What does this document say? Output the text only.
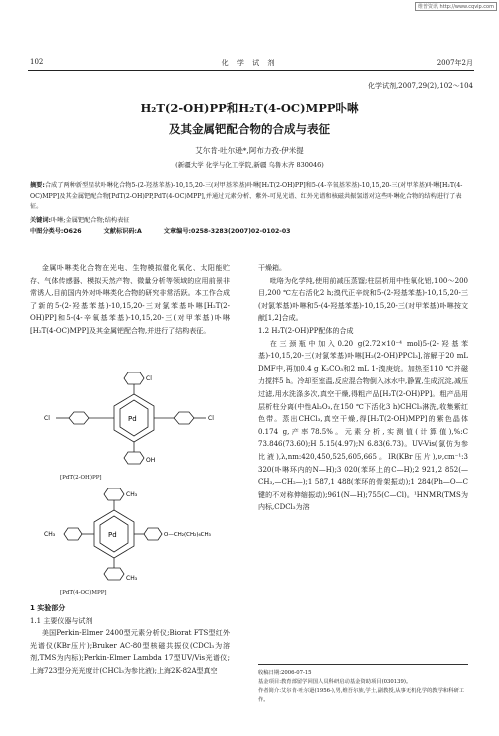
维普资讯 http://www.cqvip.com
102	化 学 试 剂	2007年2月
化学试剂,2007,29(2),102～104
H₂T(2-OH)PP和H₂T(4-OC)MPP卟啉
及其金属钯配合物的合成与表征
艾尔肯·吐尔逊*,阿布力孜·伊米提
(新疆大学 化学与化工学院,新疆 乌鲁木齐 830046)
摘要:合成了两种新型星状卟啉化合物5-(2-羟基苯基)-10,15,20-三(对甲基苯基)卟啉[H₂T(2-OH)PP]和5-(4-辛氧基苯基)-10,15,20-三(对甲苯基)卟啉[H₂T(4-OC)MPP]及其金属钯配合物[PdT(2-OH)PP,PdT(4-OC)MPP],并通过元素分析、紫外-可见光谱、红外光谱和核磁共振氢谱对这些卟啉化合物的结构进行了表征。
关键词:卟啉;金属钯配合物;结构表征
中图分类号:O626	文献标识码:A	文章编号:0258-3283(2007)02-0102-03

金属卟啉类化合物在光电、生物模拟催化氧化、太阳能贮存、气体传感器、模拟天然产物、微量分析等领域的应用前景非常诱人,目前国内外对卟啉类化合物的研究非常活跃。本工作合成了新的5-(2-羟基苯基)-10,15,20-三对氯苯基卟啉[H₂T(2-OH)PP]和5-(4-辛氧基苯基)-10,15,20-三(对甲苯基)卟啉[H₂T(4-OC)MPP]及其金属钯配合物,并进行了结构表征。

Pd
Cl	Cl
Cl
OH
[PdT(2-OH)PP]
Pd
CH₃
CH₃
CH₃
O—CH₂(CH₂)₆CH₃
[PdT(4-OC)MPP]
1 实验部分
1.1 主要仪器与试剂

美国Perkin-Elmer 2400型元素分析仪;Biorat FTS型红外光谱仪(KBr压片);Bruker AC-80型核磁共振仪(CDCl₃为溶剂,TMS为内标);Perkin-Elmer Lambda 17型UV/Vis光谱仪;上海723型分光光度计(CHCl₃为参比液);上海2K-82A型真空

干燥箱。

吡咯为化学纯,使用前减压蒸馏;柱层析用中性氧化铝,100～200目,200 ℃左右活化2 h;溴代正辛烷和5-(2-羟基苯基)-10,15,20-三(对氯苯基)卟啉和5-(4-羟基苯基)-10,15,20-三(对甲苯基)卟啉按文献[1,2]合成。

1.2 H₂T(2-OH)PP配体的合成

在三颈瓶中加入0.20 g(2.72×10⁻⁴ mol)5-(2-羟基苯基)-10,15,20-三(对氯苯基)卟啉[H₂(2-OH)PPCl₃],溶解于20 mL DMF中,再加0.4 g K₂CO₃和2 mL 1-溴庚烷。加热至110 ℃并磁力搅拌5 h。冷却至室温,反应混合物倒入冰水中,静置,生成沉淀,减压过滤,用水洗涤多次,真空干燥,得粗产品[H₂T(2-OH)PP]。粗产品用层析柱分离(中性Al₂O₃,在150 ℃下活化3 h)CHCl₃淋洗,收集紫红色带。蒸出CHCl₃,真空干燥,得[H₂T(2-OH)MPP]的紫色晶体0.174 g,产率78.5%。元素分析,实测值(计算值),%:C 73.846(73.60);H 5.15(4.97);N 6.83(6.73)。UV-Vis(氯仿为参比液),λ,nm:420,450,525,605,665。IR(KBr压片),ν,cm⁻¹:3 320(卟啉环内的N—H);3 020(苯环上的C—H);2 921,2 852(—CH₃,—CH₂—);1 587,1 488(苯环的骨架振动);1 284(Ph—O—C键的不对称伸缩振动);961(N—H);755(C—Cl)。¹HNMR(TMS为内标,CDCl₃为溶

收稿日期:2006-07-15
基金项目:教育部留学回国人员科研启动基金资助项目(030139)。
作者简介:艾尔肯·吐尔逊(1956-),男,维吾尔族,学士,副教授,从事无机化学的教学和科研工作。
